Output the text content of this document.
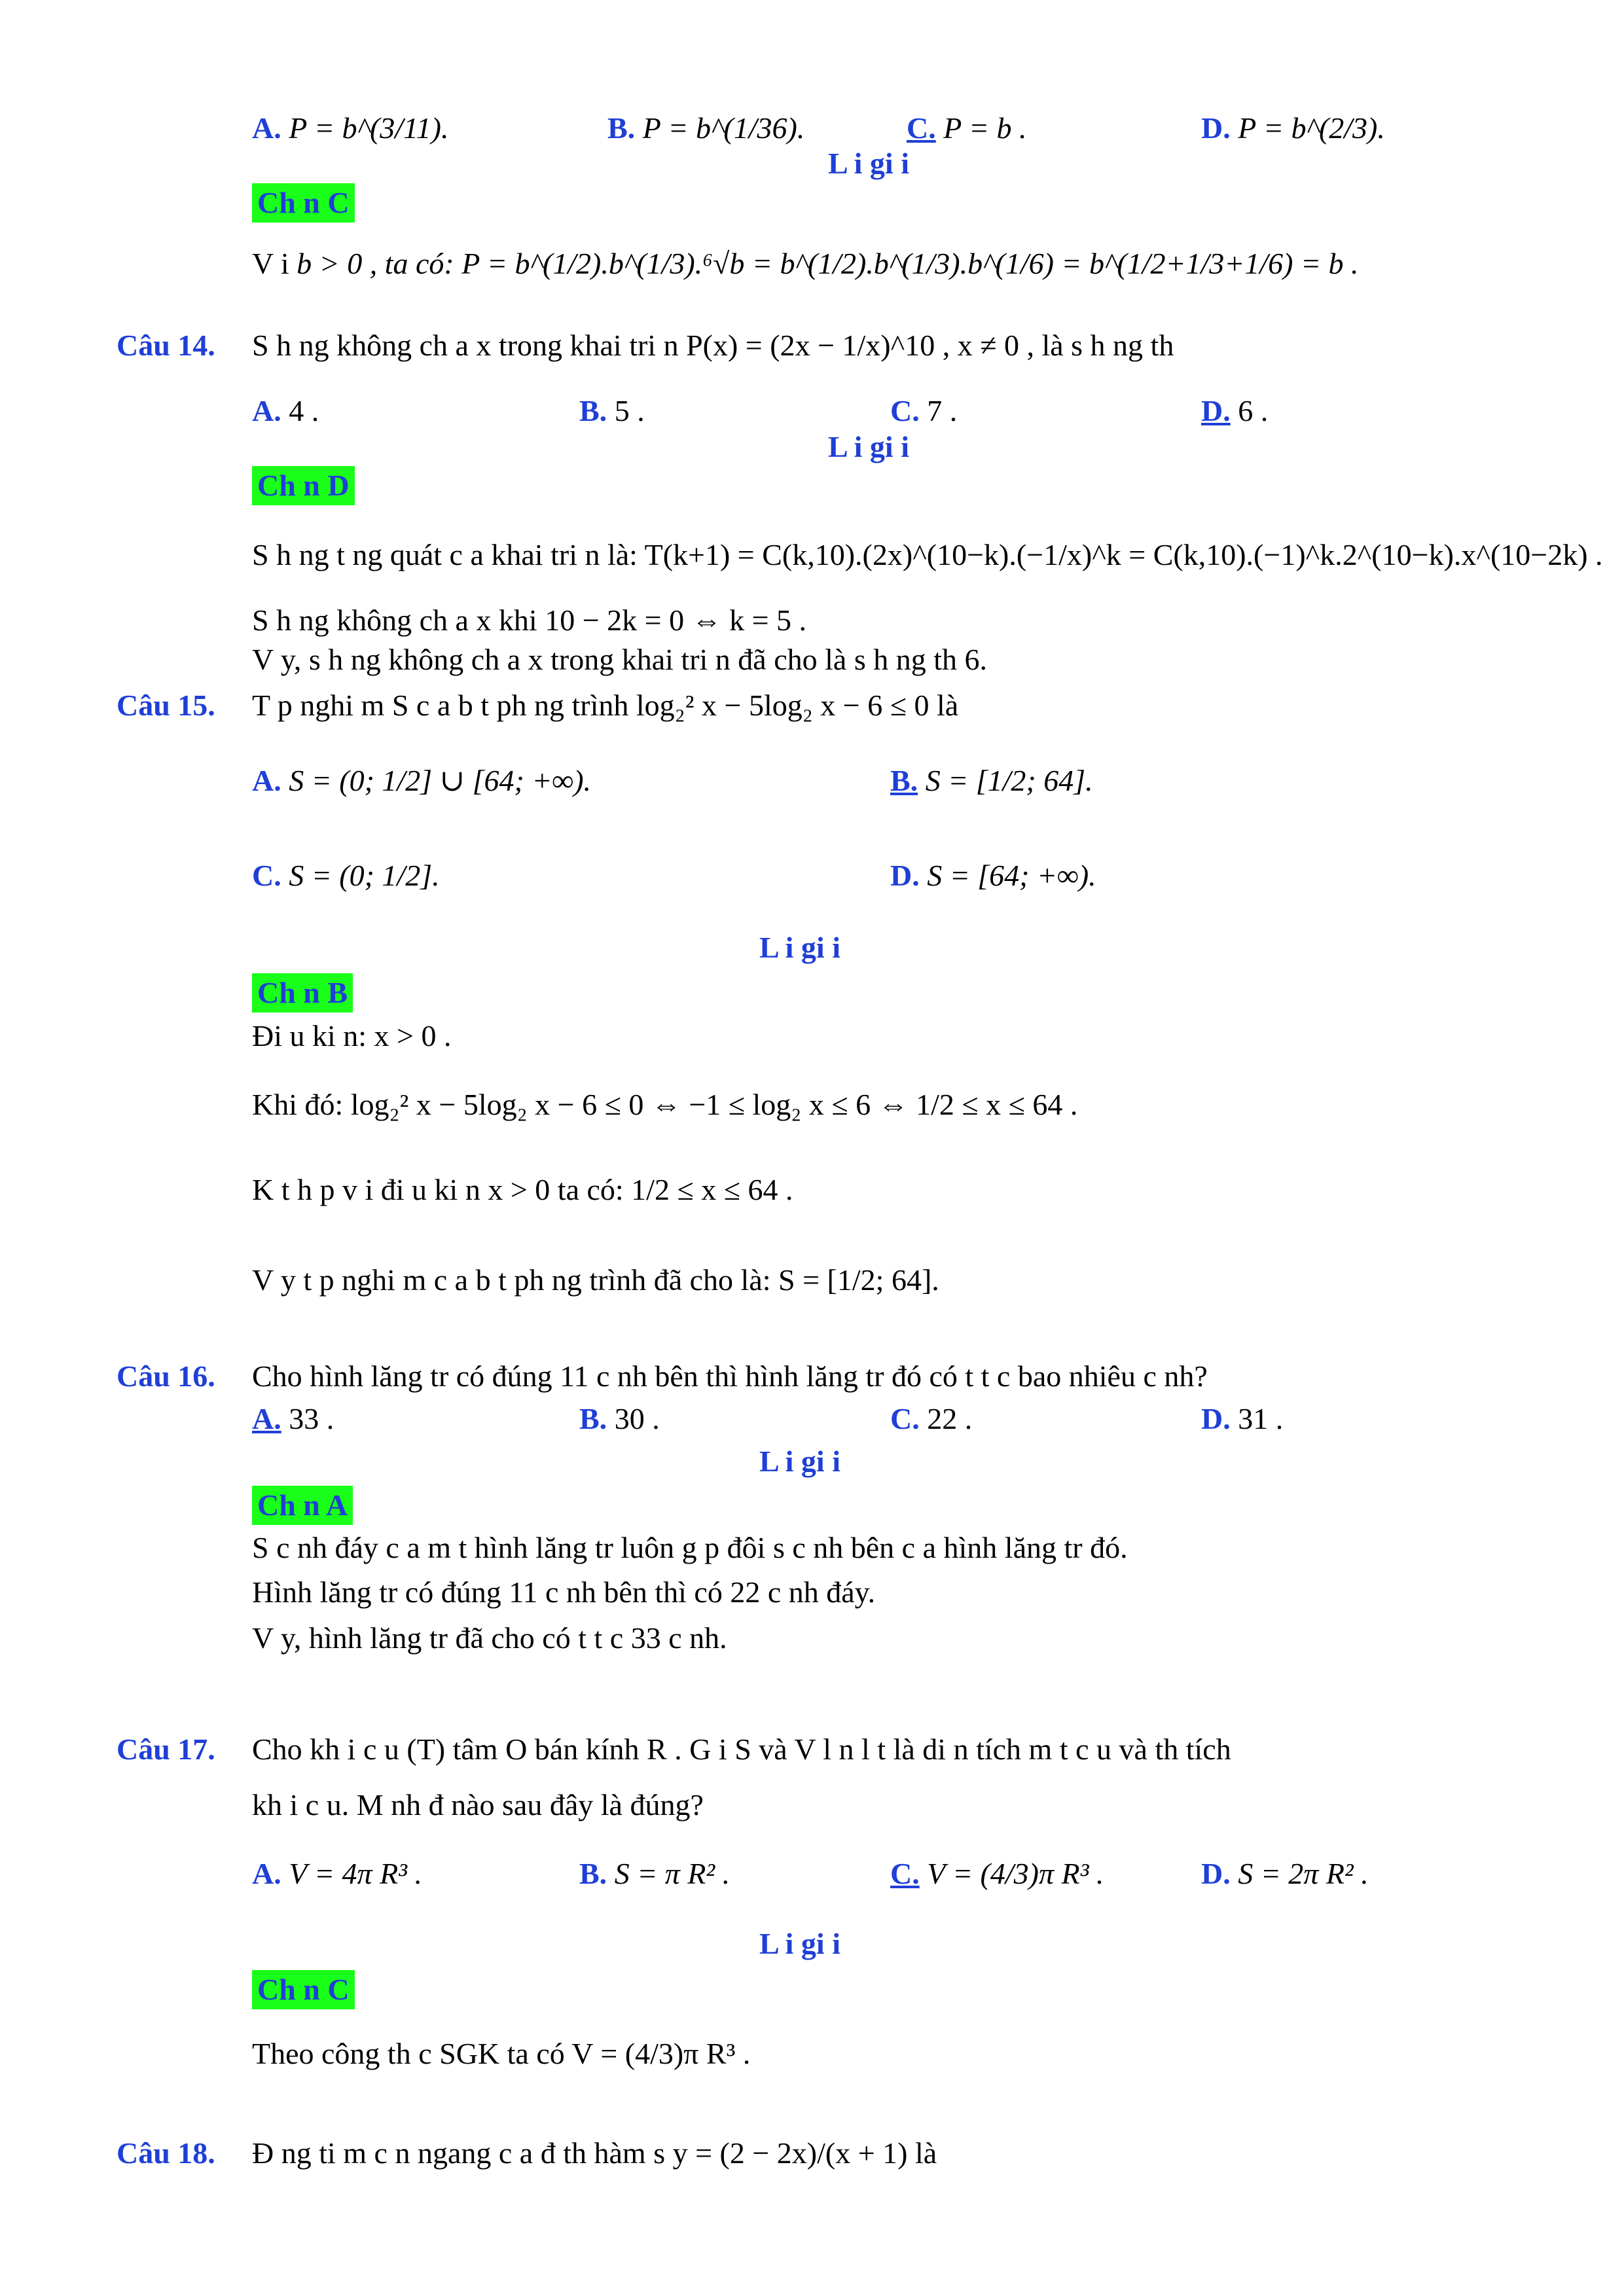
A.
P = b^(3/11).	B.
P = b^(1/36).	C.
P = b .	D.
P = b^(2/3).
L i gi i
Ch n C
V i
b > 0 , ta có: P = b^(1/2).b^(1/3).⁶√b = b^(1/2).b^(1/3).b^(1/6) = b^(1/2+1/3+1/6) = b .
Câu 14. S h ng không ch a x trong khai tri n P(x) = (2x − 1/x)^10 , x ≠ 0 , là s h ng th
A.
4 .	B.
5 .	C.
7 .	D.
6 .
L i gi i
Ch n D
S h ng t ng quát c a khai tri n là: T(k+1) = C(k,10).(2x)^(10−k).(−1/x)^k = C(k,10).(−1)^k.2^(10−k).x^(10−2k) .
S h ng không ch a x khi 10 − 2k = 0 ⇔ k = 5 .
V y, s h ng không ch a x trong khai tri n đã cho là s h ng th 6.
Câu 15. T p nghi m S c a b t ph ng trình log₂² x − 5log₂ x − 6 ≤ 0 là
A.
S = (0; 1/2] ∪ [64; +∞).	B.
S = [1/2; 64].
C.
S = (0; 1/2].	D.
S = [64; +∞).
L i gi i
Ch n B
Đi u ki n: x > 0 .
Khi đó: log₂² x − 5log₂ x − 6 ≤ 0 ⇔ −1 ≤ log₂ x ≤ 6 ⇔ 1/2 ≤ x ≤ 64 .
K t h p v i đi u ki n x > 0 ta có: 1/2 ≤ x ≤ 64 .
V y t p nghi m c a b t ph ng trình đã cho là: S = [1/2; 64].
Câu 16. Cho hình lăng tr có đúng 11 c nh bên thì hình lăng tr đó có t t c bao nhiêu c nh?
A.
33 .	B.
30 .	C.
22 .	D.
31 .
L i gi i
Ch n A
S c nh đáy c a m t hình lăng tr luôn g p đôi s c nh bên c a hình lăng tr đó.
Hình lăng tr có đúng 11 c nh bên thì có 22 c nh đáy.
V y, hình lăng tr đã cho có t t c 33 c nh.
Câu 17. Cho kh i c u (T) tâm O bán kính R . G i S và V l n l t là di n tích m t c u và th tích
kh i c u. M nh đ nào sau đây là đúng?
A.
V = 4π R³ .	B.
S = π R² .	C.
V = (4/3)π R³ .	D.
S = 2π R² .
L i gi i
Ch n C
Theo công th c SGK ta có V = (4/3)π R³ .
Câu 18. Đ ng ti m c n ngang c a đ th hàm s y = (2 − 2x)/(x + 1) là
